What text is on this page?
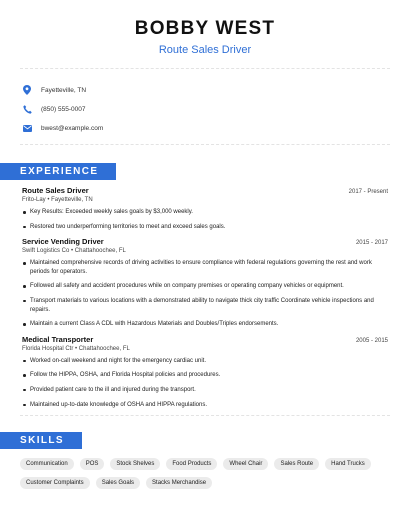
BOBBY WEST
Route Sales Driver
Fayetteville, TN
(850) 555-0007
bwest@example.com
EXPERIENCE
Route Sales Driver	2017 - Present
Frito-Lay • Fayetteville, TN
Key Results: Exceeded weekly sales goals by $3,000 weekly.
Restored two underperforming territories to meet and exceed sales goals.
Service Vending Driver	2015 - 2017
Swift Logistics Co • Chattahoochee, FL
Maintained comprehensive records of driving activities to ensure compliance with federal regulations governing the rest and work periods for operators.
Followed all safety and accident procedures while on company premises or operating company vehicles or equipment.
Transport materials to various locations with a demonstrated ability to navigate thick city traffic Coordinate vehicle inspections and repairs.
Maintain a current Class A CDL with Hazardous Materials and Doubles/Triples endorsements.
Medical Transporter	2005 - 2015
Florida Hospital Ctr • Chattahoochee, FL
Worked on-call weekend and night for the emergency cardiac unit.
Follow the HIPPA, OSHA, and Florida Hospital policies and procedures.
Provided patient care to the ill and injured during the transport.
Maintained up-to-date knowledge of OSHA and HIPPA regulations.
SKILLS
Communication	POS	Stock Shelves	Food Products	Wheel Chair	Sales Route	Hand Trucks
Customer Complaints	Sales Goals	Stacks Merchandise
